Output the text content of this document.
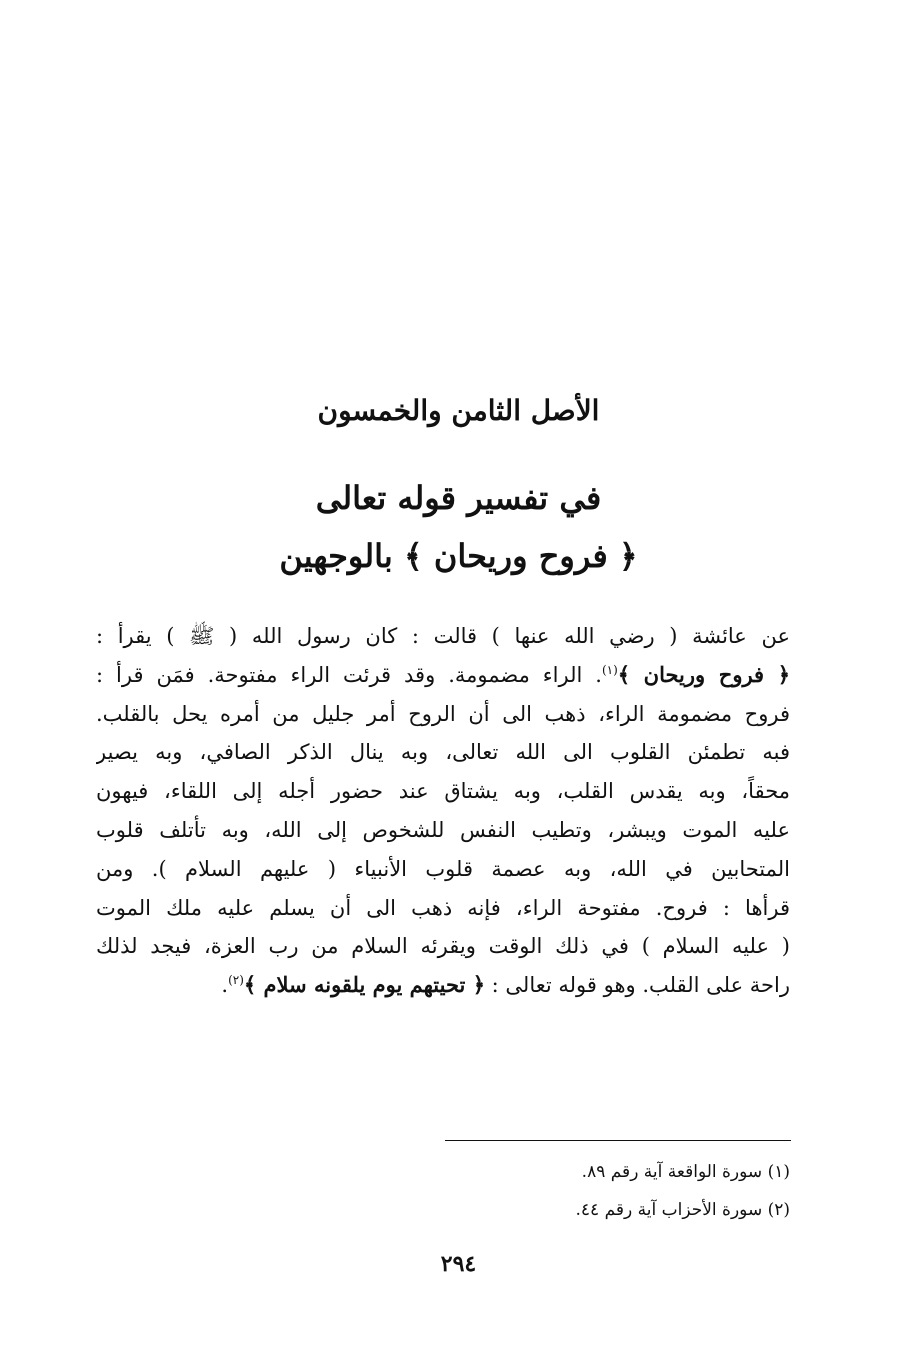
الأصل الثامن والخمسون
في تفسير قوله تعالى
﴿ فروح وريحان ﴾ بالوجهين
عن عائشة ( رضي الله عنها ) قالت : كان رسول الله ( ﷺ ) يقرأ :
﴿ فروح وريحان ﴾$^{(١)}$. الراء مضمومة. وقد قرئت الراء مفتوحة. فمَن قرأ :
فروح مضمومة الراء، ذهب الى أن الروح أمر جليل من أمره يحل بالقلب.
فبه تطمئن القلوب الى الله تعالى، وبه ينال الذكر الصافي، وبه يصير
محقاً، وبه يقدس القلب، وبه يشتاق عند حضور أجله إلى اللقاء، فيهون
عليه الموت ويبشر، وتطيب النفس للشخوص إلى الله، وبه تأتلف قلوب
المتحابين في الله، وبه عصمة قلوب الأنبياء ( عليهم السلام ). ومن
قرأها : فروح. مفتوحة الراء، فإنه ذهب الى أن يسلم عليه ملك الموت
( عليه السلام ) في ذلك الوقت ويقرئه السلام من رب العزة، فيجد لذلك
راحة على القلب. وهو قوله تعالى : ﴿ تحيتهم يوم يلقونه سلام ﴾$^{(٢)}$.
(١) سورة الواقعة آية رقم ٨٩.
(٢) سورة الأحزاب آية رقم ٤٤.
٢٩٤
